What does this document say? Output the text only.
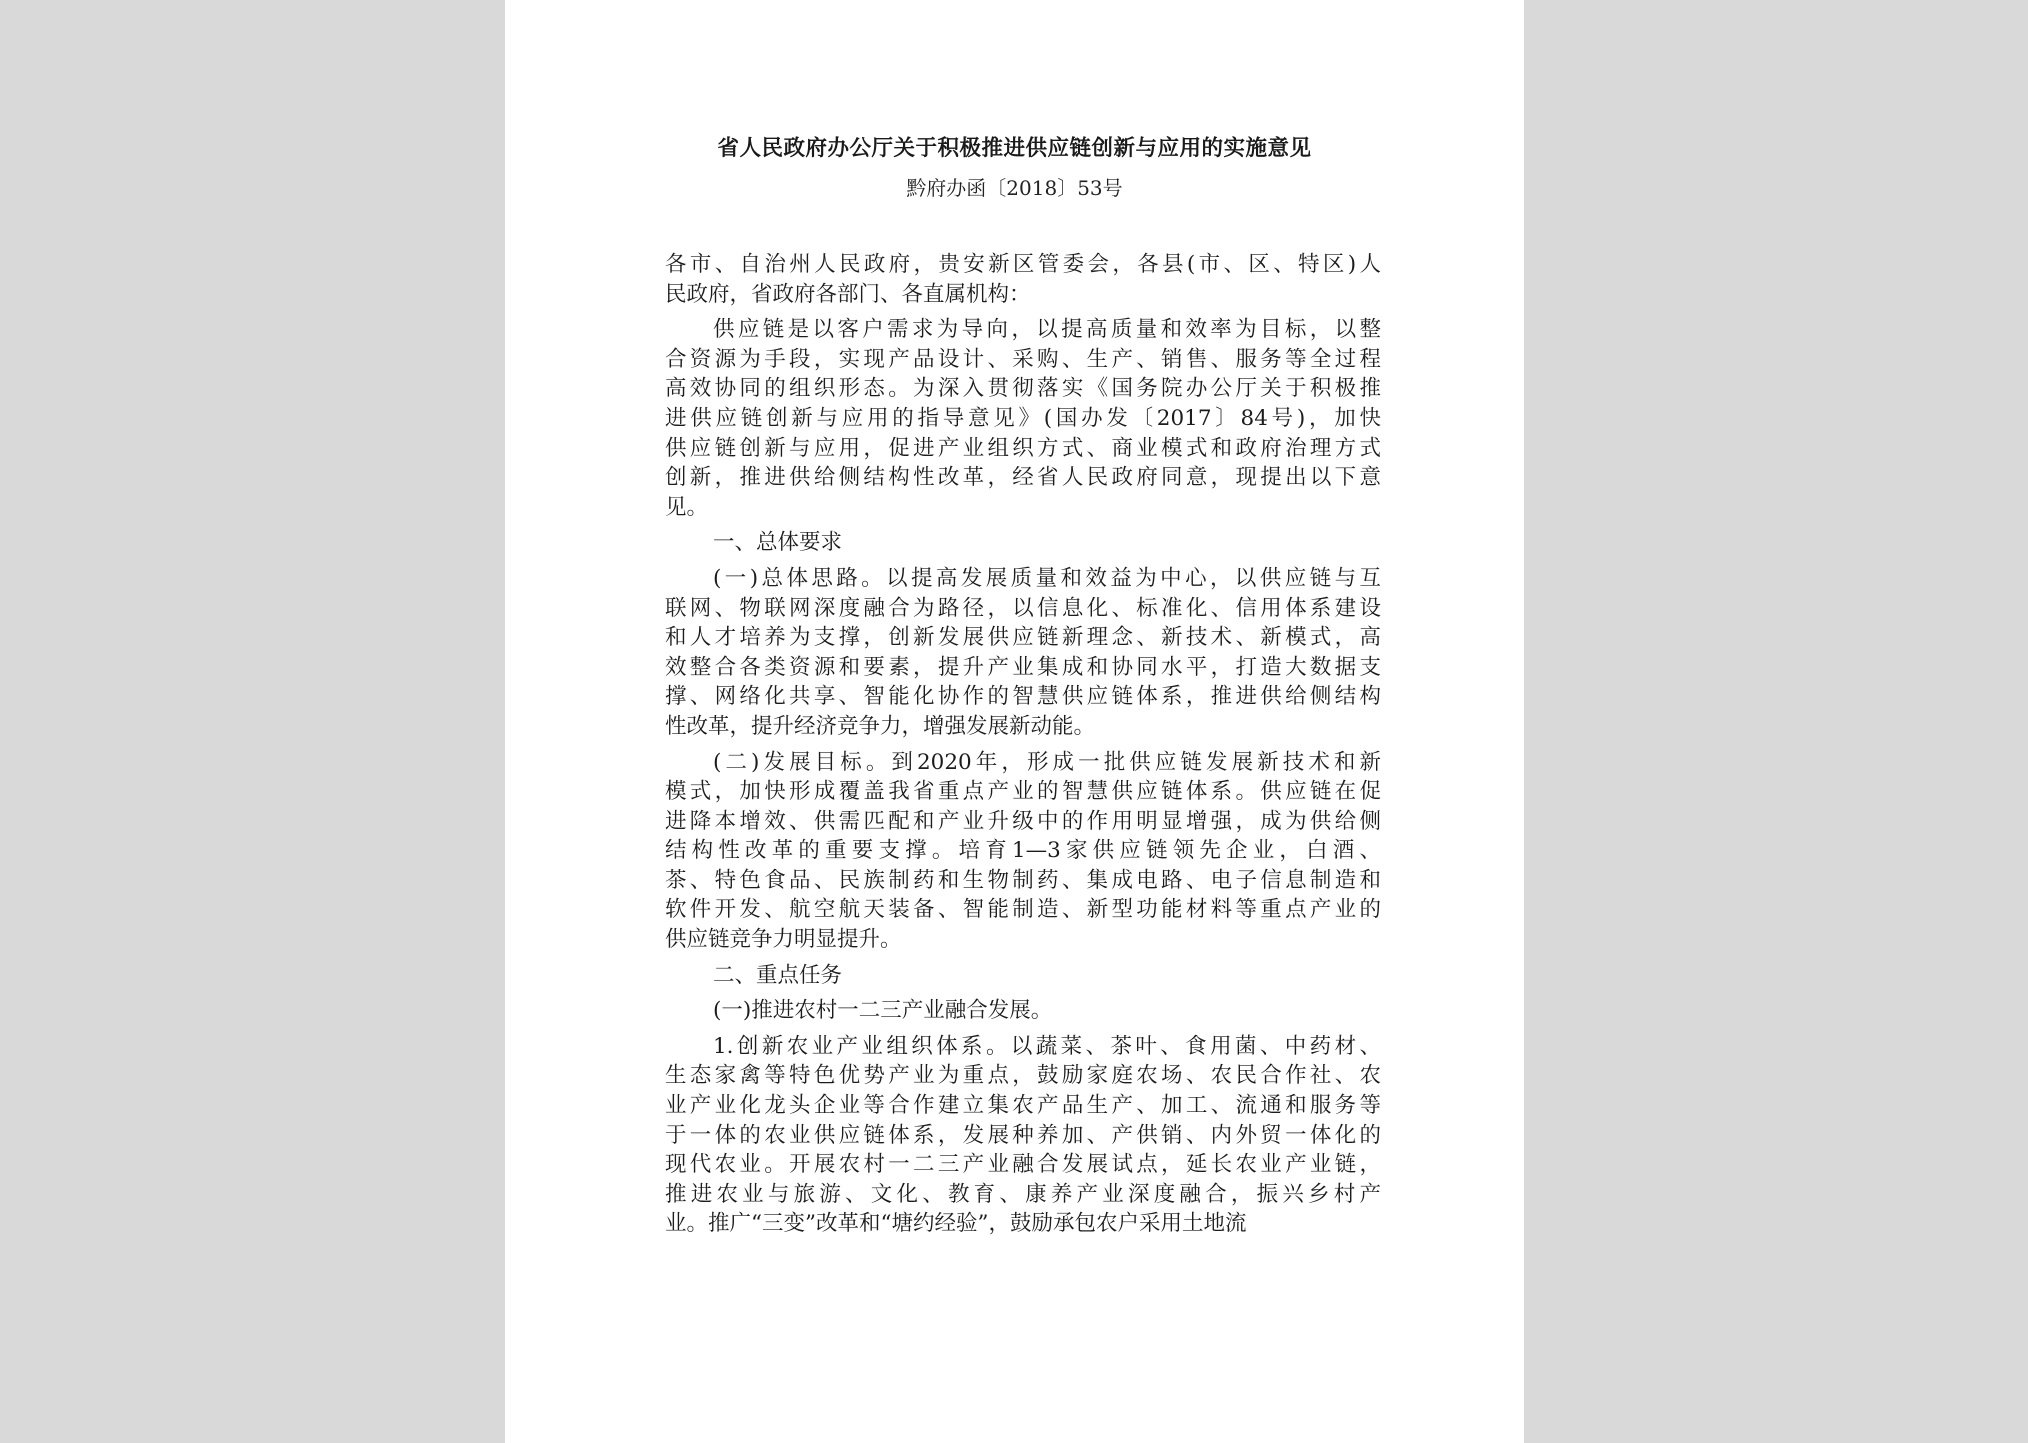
省人民政府办公厅关于积极推进供应链创新与应用的实施意见
黔府办函〔2018〕53号
各市、自治州人民政府，贵安新区管委会，各县(市、区、特区)人
民政府，省政府各部门、各直属机构：
供应链是以客户需求为导向，以提高质量和效率为目标，以整
合资源为手段，实现产品设计、采购、生产、销售、服务等全过程
高效协同的组织形态。为深入贯彻落实《国务院办公厅关于积极推
进供应链创新与应用的指导意见》(国办发〔2017〕84号)，加快
供应链创新与应用，促进产业组织方式、商业模式和政府治理方式
创新，推进供给侧结构性改革，经省人民政府同意，现提出以下意
见。
一、总体要求
(一)总体思路。以提高发展质量和效益为中心，以供应链与互
联网、物联网深度融合为路径，以信息化、标准化、信用体系建设
和人才培养为支撑，创新发展供应链新理念、新技术、新模式，高
效整合各类资源和要素，提升产业集成和协同水平，打造大数据支
撑、网络化共享、智能化协作的智慧供应链体系，推进供给侧结构
性改革，提升经济竞争力，增强发展新动能。
(二)发展目标。到2020年，形成一批供应链发展新技术和新
模式，加快形成覆盖我省重点产业的智慧供应链体系。供应链在促
进降本增效、供需匹配和产业升级中的作用明显增强，成为供给侧
结构性改革的重要支撑。培育1—3家供应链领先企业，白酒、
茶、特色食品、民族制药和生物制药、集成电路、电子信息制造和
软件开发、航空航天装备、智能制造、新型功能材料等重点产业的
供应链竞争力明显提升。
二、重点任务
(一)推进农村一二三产业融合发展。
1.创新农业产业组织体系。以蔬菜、茶叶、食用菌、中药材、
生态家禽等特色优势产业为重点，鼓励家庭农场、农民合作社、农
业产业化龙头企业等合作建立集农产品生产、加工、流通和服务等
于一体的农业供应链体系，发展种养加、产供销、内外贸一体化的
现代农业。开展农村一二三产业融合发展试点，延长农业产业链，
推进农业与旅游、文化、教育、康养产业深度融合，振兴乡村产
业。推广“三变”改革和“塘约经验”，鼓励承包农户采用土地流
